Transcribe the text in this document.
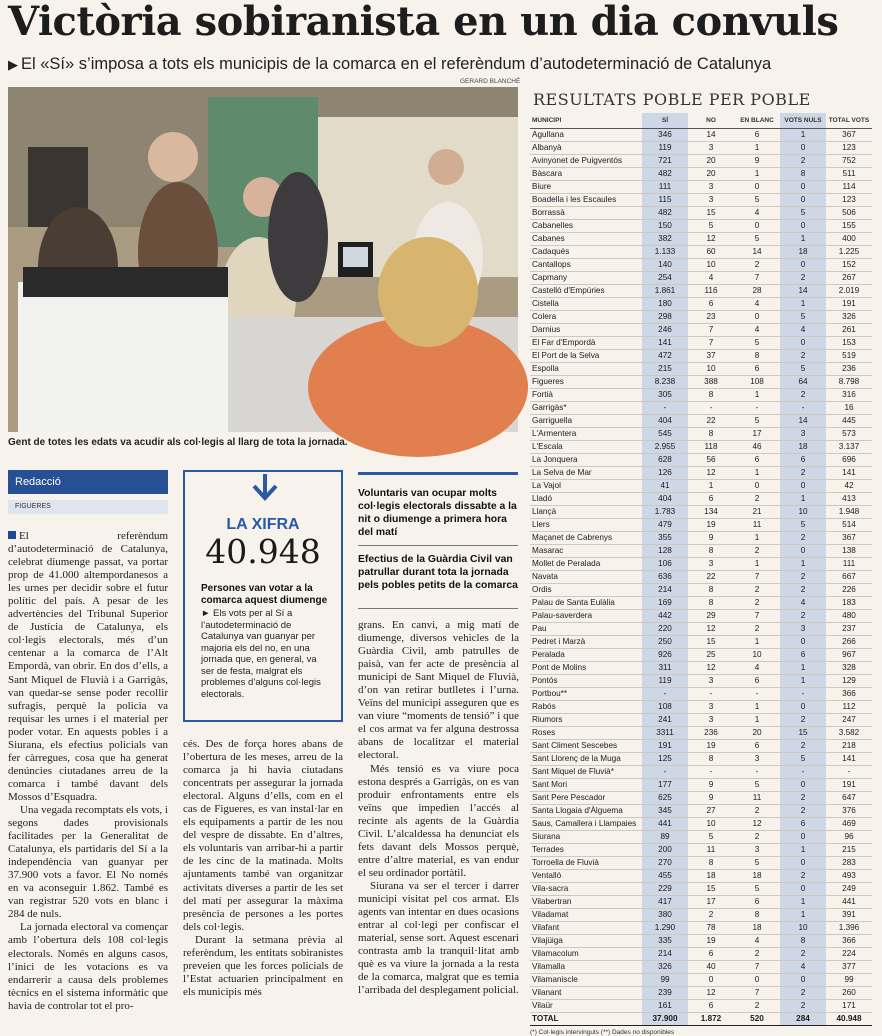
Victòria sobiranista en un dia convuls
▶ El «Sí» s’imposa a tots els municipis de la comarca en el referèndum d’autodeterminació de Catalunya
GERARD BLANCHÉ
Gent de totes les edats va acudir als col·legis al llarg de tota la jornada.
Redacció
FIGUERES

El referèndum d’autodeterminació de Catalunya, celebrat diumenge passat, va portar prop de 41.000 altempordanesos a les urnes per decidir sobre el futur polític del país. A pesar de les advertències del Tribunal Superior de Justícia de Catalunya, els col·legis electorals, més d’un centenar a la comarca de l’Alt Empordà, van obrir. En dos d’ells, a Sant Miquel de Fluvià i a Garrigàs, van quedar-se sense poder recollir sufragis, perquè la policia va requisar les urnes i el material per poder votar. En aquests pobles i a Siurana, els efectius policials van fer càrregues, cosa que ha generat denúncies ciutadanes arreu de la comarca i també davant dels Mossos d’Esquadra.

Una vegada recomptats els vots, i segons dades provisionals facilitades per la Generalitat de Catalunya, els partidaris del Sí a la independència van guanyar per 37.900 vots a favor. El No només en va aconseguir 1.862. També es van registrar 520 vots en blanc i 284 de nuls.

La jornada electoral va començar amb l’obertura dels 108 col·legis electorals. Només en alguns casos, l’inici de les votacions es va endarrerir a causa dels problemes tècnics en el sistema informàtic que havia de controlar tot el pro-

LA XIFRA
40.948
Persones van votar a la comarca aquest diumenge
► Els vots per al Sí a l’autodeterminació de Catalunya van guanyar per majoria els del no, en una jornada que, en general, va ser de festa, malgrat els problemes d’alguns col·legis electorals.

cés. Des de força hores abans de l’obertura de les meses, arreu de la comarca ja hi havia ciutadans concentrats per assegurar la jornada electoral. Alguns d’ells, com en el cas de Figueres, es van instal·lar en els equipaments a partir de les nou del vespre de dissabte. En d’altres, els voluntaris van arribar-hi a partir de les cinc de la matinada. Molts ajuntaments també van organitzar activitats diverses a partir de les set del matí per assegurar la màxima presència de persones a les portes dels col·legis.

Durant la setmana prèvia al referèndum, les entitats sobiranistes preveien que les forces policials de l’Estat actuarien principalment en els municipis més

Voluntaris van ocupar molts col·legis electorals dissabte a la nit o diumenge a primera hora del matí
Efectius de la Guàrdia Civil van patrullar durant tota la jornada pels pobles petits de la comarca

grans. En canvi, a mig matí de diumenge, diversos vehicles de la Guàrdia Civil, amb patrulles de paisà, van fer acte de presència al municipi de Sant Miquel de Fluvià, d’on van retirar butlletes i l’urna. Veïns del municipi asseguren que es van viure “moments de tensió” i que el cos armat va fer alguna destrossa abans de localitzar el material electoral.

Més tensió es va viure poca estona després a Garrigàs, on es van produir enfrontaments entre els veïns que impedien l’accés al recinte als agents de la Guàrdia Civil. L’alcaldessa ha denunciat els fets davant dels Mossos perquè, entre d’altre material, es van endur el seu ordinador portàtil.

Siurana va ser el tercer i darrer municipi visitat pel cos armat. Els agents van intentar en dues ocasions entrar al col·legi per confiscar el material, sense sort. Aquest escenari contrasta amb la tranquil·litat amb què es va viure la jornada a la resta de la comarca, malgrat que es temia l’arribada del desplegament policial.

RESULTATS POBLE PER POBLE
MUNICIPI	SÍ	NO	EN BLANC	VOTS NULS	TOTAL VOTS
Agullana	346	14	6	1	367
Albanyà	119	3	1	0	123
Avinyonet de Puigventós	721	20	9	2	752
Bàscara	482	20	1	8	511
Biure	111	3	0	0	114
Boadella i les Escaules	115	3	5	0	123
Borrassà	482	15	4	5	506
Cabanelles	150	5	0	0	155
Cabanes	382	12	5	1	400
Cadaqués	1.133	60	14	18	1.225
Cantallops	140	10	2	0	152
Capmany	254	4	7	2	267
Castelló d'Empúries	1.861	116	28	14	2.019
Cistella	180	6	4	1	191
Colera	298	23	0	5	326
Darnius	246	7	4	4	261
El Far d'Empordà	141	7	5	0	153
El Port de la Selva	472	37	8	2	519
Espolla	215	10	6	5	236
Figueres	8.238	388	108	64	8.798
Fortià	305	8	1	2	316
Garrigàs*	-	-	-	-	16
Garriguella	404	22	5	14	445
L'Armentera	545	8	17	3	573
L'Escala	2.955	118	46	18	3.137
La Jonquera	628	56	6	6	696
La Selva de Mar	126	12	1	2	141
La Vajol	41	1	0	0	42
Lladó	404	6	2	1	413
Llançà	1.783	134	21	10	1.948
Llers	479	19	11	5	514
Maçanet de Cabrenys	355	9	1	2	367
Masarac	128	8	2	0	138
Mollet de Peralada	106	3	1	1	111
Navata	636	22	7	2	667
Ordis	214	8	2	2	226
Palau de Santa Eulàlia	169	8	2	4	183
Palau-saverdera	442	29	7	2	480
Pau	220	12	2	3	237
Pedret i Marzà	250	15	1	0	266
Peralada	926	25	10	6	967
Pont de Molins	311	12	4	1	328
Pontós	119	3	6	1	129
Portbou**	-	-	-	-	366
Rabós	108	3	1	0	112
Riumors	241	3	1	2	247
Roses	3311	236	20	15	3.582
Sant Climent Sescebes	191	19	6	2	218
Sant Llorenç de la Muga	125	8	3	5	141
Sant Miquel de Fluvià*	-	-	-	-	-
Sant Mori	177	9	5	0	191
Sant Pere Pescador	625	9	11	2	647
Santa Llogaia d'Àlguema	345	27	2	2	376
Saus, Camallera i Llampaies	441	10	12	6	469
Siurana	89	5	2	0	96
Terrades	200	11	3	1	215
Torroella de Fluvià	270	8	5	0	283
Ventalló	455	18	18	2	493
Vila-sacra	229	15	5	0	249
Vilabertran	417	17	6	1	441
Viladamat	380	2	8	1	391
Vilafant	1.290	78	18	10	1.396
Vilajüiga	335	19	4	8	366
Vilamacolum	214	6	2	2	224
Vilamalla	326	40	7	4	377
Vilamaniscle	99	0	0	0	99
Vilanant	239	12	7	2	260
Vilaür	161	6	2	2	171
TOTAL	37.900	1.872	520	284	40.948
(*) Col·legis intervinguts (**) Dades no disponibles
